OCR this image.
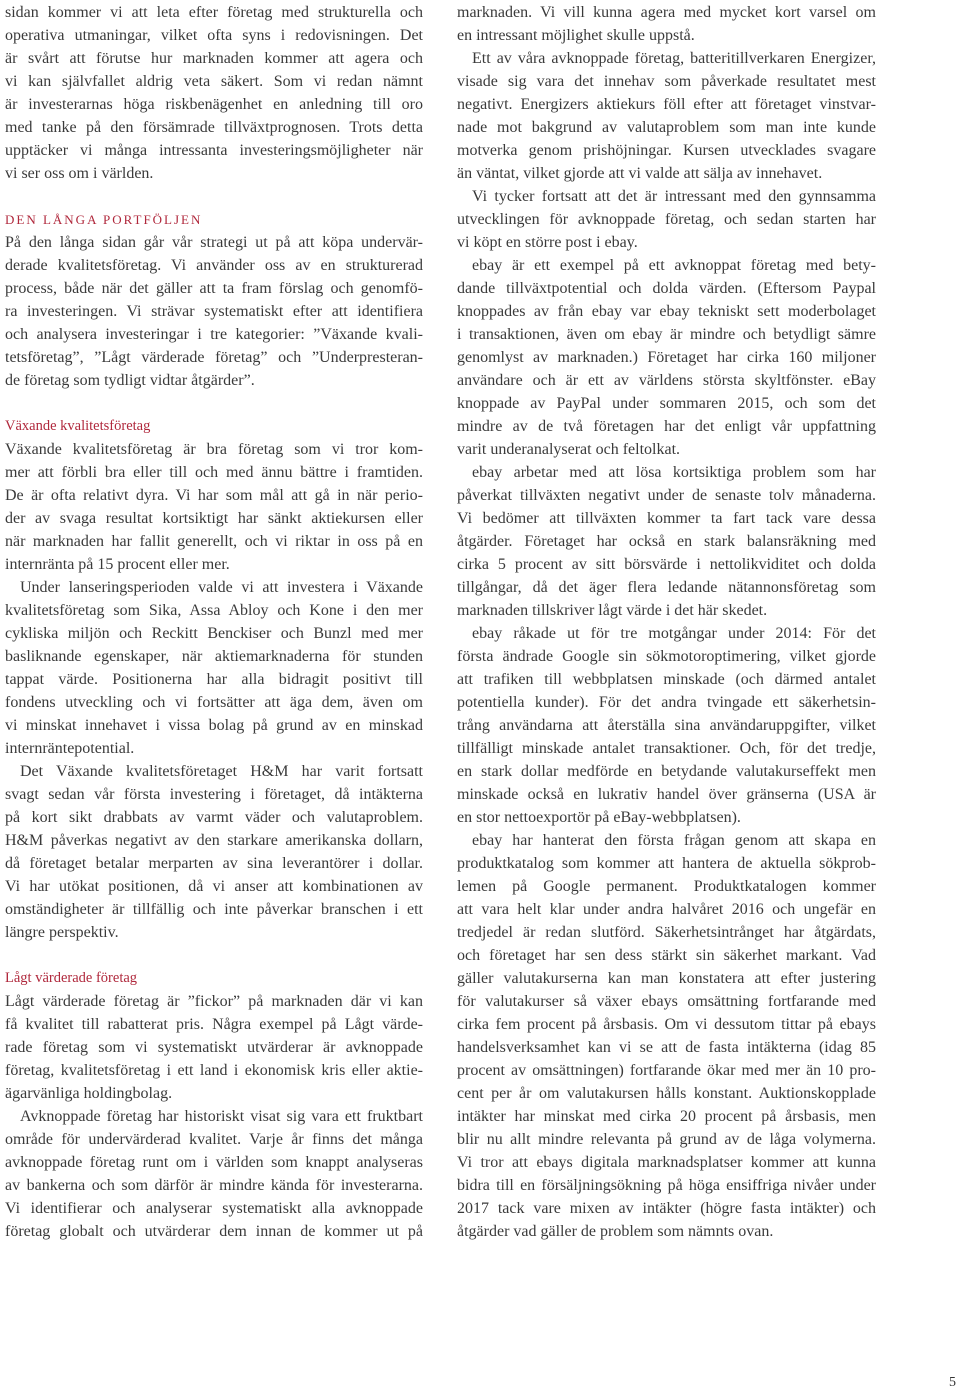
sidan kommer vi att leta efter företag med strukturella och
operativa utmaningar, vilket ofta syns i redovisningen. Det
är svårt att förutse hur marknaden kommer att agera och
vi kan självfallet aldrig veta säkert. Som vi redan nämnt
är investerarnas höga riskbenägenhet en anledning till oro
med tanke på den försämrade tillväxtprognosen. Trots detta
upptäcker vi många intressanta investeringsmöjligheter när
vi ser oss om i världen.
DEN LÅNGA PORTFÖLJEN
På den långa sidan går vår strategi ut på att köpa undervär-
derade kvalitetsföretag. Vi använder oss av en strukturerad
process, både när det gäller att ta fram förslag och genomfö-
ra investeringen. Vi strävar systematiskt efter att identifiera
och analysera investeringar i tre kategorier: ”Växande kvali-
tetsföretag”, ”Lågt värderade företag” och ”Underpresteran-
de företag som tydligt vidtar åtgärder”.
Växande kvalitetsföretag
Växande kvalitetsföretag är bra företag som vi tror kom-
mer att förbli bra eller till och med ännu bättre i framtiden.
De är ofta relativt dyra. Vi har som mål att gå in när perio-
der av svaga resultat kortsiktigt har sänkt aktiekursen eller
när marknaden har fallit generellt, och vi riktar in oss på en
internränta på 15 procent eller mer.
Under lanseringsperioden valde vi att investera i Växande
kvalitetsföretag som Sika, Assa Abloy och Kone i den mer
cykliska miljön och Reckitt Benckiser och Bunzl med mer
basliknande egenskaper, när aktiemarknaderna för stunden
tappat värde. Positionerna har alla bidragit positivt till
fondens utveckling och vi fortsätter att äga dem, även om
vi minskat innehavet i vissa bolag på grund av en minskad
internräntepotential.
Det Växande kvalitetsföretaget H&M har varit fortsatt
svagt sedan vår första investering i företaget, då intäkterna
på kort sikt drabbats av varmt väder och valutaproblem.
H&M påverkas negativt av den starkare amerikanska dollarn,
då företaget betalar merparten av sina leverantörer i dollar.
Vi har utökat positionen, då vi anser att kombinationen av
omständigheter är tillfällig och inte påverkar branschen i ett
längre perspektiv.
Lågt värderade företag
Lågt värderade företag är ”fickor” på marknaden där vi kan
få kvalitet till rabatterat pris. Några exempel på Lågt värde-
rade företag som vi systematiskt utvärderar är avknoppade
företag, kvalitetsföretag i ett land i ekonomisk kris eller aktie-
ägarvänliga holdingbolag.
Avknoppade företag har historiskt visat sig vara ett fruktbart
område för undervärderad kvalitet. Varje år finns det många
avknoppade företag runt om i världen som knappt analyseras
av bankerna och som därför är mindre kända för investerarna.
Vi identifierar och analyserar systematiskt alla avknoppade
företag globalt och utvärderar dem innan de kommer ut på
marknaden. Vi vill kunna agera med mycket kort varsel om
en intressant möjlighet skulle uppstå.
Ett av våra avknoppade företag, batteritillverkaren Energizer,
visade sig vara det innehav som påverkade resultatet mest
negativt. Energizers aktiekurs föll efter att företaget vinstvar-
nade mot bakgrund av valutaproblem som man inte kunde
motverka genom prishöjningar. Kursen utvecklades svagare
än väntat, vilket gjorde att vi valde att sälja av innehavet.
Vi tycker fortsatt att det är intressant med den gynnsamma
utvecklingen för avknoppade företag, och sedan starten har
vi köpt en större post i ebay.
ebay är ett exempel på ett avknoppat företag med bety-
dande tillväxtpotential och dolda värden. (Eftersom Paypal
knoppades av från ebay var ebay tekniskt sett moderbolaget
i transaktionen, även om ebay är mindre och betydligt sämre
genomlyst av marknaden.) Företaget har cirka 160 miljoner
användare och är ett av världens största skyltfönster. eBay
knoppade av PayPal under sommaren 2015, och som det
mindre av de två företagen har det enligt vår uppfattning
varit underanalyserat och feltolkat.
ebay arbetar med att lösa kortsiktiga problem som har
påverkat tillväxten negativt under de senaste tolv månaderna.
Vi bedömer att tillväxten kommer ta fart tack vare dessa
åtgärder. Företaget har också en stark balansräkning med
cirka 5 procent av sitt börsvärde i nettolikviditet och dolda
tillgångar, då det äger flera ledande nätannonsföretag som
marknaden tillskriver lågt värde i det här skedet.
ebay råkade ut för tre motgångar under 2014: För det
första ändrade Google sin sökmotoroptimering, vilket gjorde
att trafiken till webbplatsen minskade (och därmed antalet
potentiella kunder). För det andra tvingade ett säkerhetsin-
trång användarna att återställa sina användaruppgifter, vilket
tillfälligt minskade antalet transaktioner. Och, för det tredje,
en stark dollar medförde en betydande valutakurseffekt men
minskade också en lukrativ handel över gränserna (USA är
en stor nettoexportör på eBay-webbplatsen).
ebay har hanterat den första frågan genom att skapa en
produktkatalog som kommer att hantera de aktuella sökprob-
lemen på Google permanent. Produktkatalogen kommer
att vara helt klar under andra halvåret 2016 och ungefär en
tredjedel är redan slutförd. Säkerhetsintrånget har åtgärdats,
och företaget har sen dess stärkt sin säkerhet markant. Vad
gäller valutakurserna kan man konstatera att efter justering
för valutakurser så växer ebays omsättning fortfarande med
cirka fem procent på årsbasis. Om vi dessutom tittar på ebays
handelsverksamhet kan vi se att de fasta intäkterna (idag 85
procent av omsättningen) fortfarande ökar med mer än 10 pro-
cent per år om valutakursen hålls konstant. Auktionskopplade
intäkter har minskat med cirka 20 procent på årsbasis, men
blir nu allt mindre relevanta på grund av de låga volymerna.
Vi tror att ebays digitala marknadsplatser kommer att kunna
bidra till en försäljningsökning på höga ensiffriga nivåer under
2017 tack vare mixen av intäkter (högre fasta intäkter) och
åtgärder vad gäller de problem som nämnts ovan.
5
